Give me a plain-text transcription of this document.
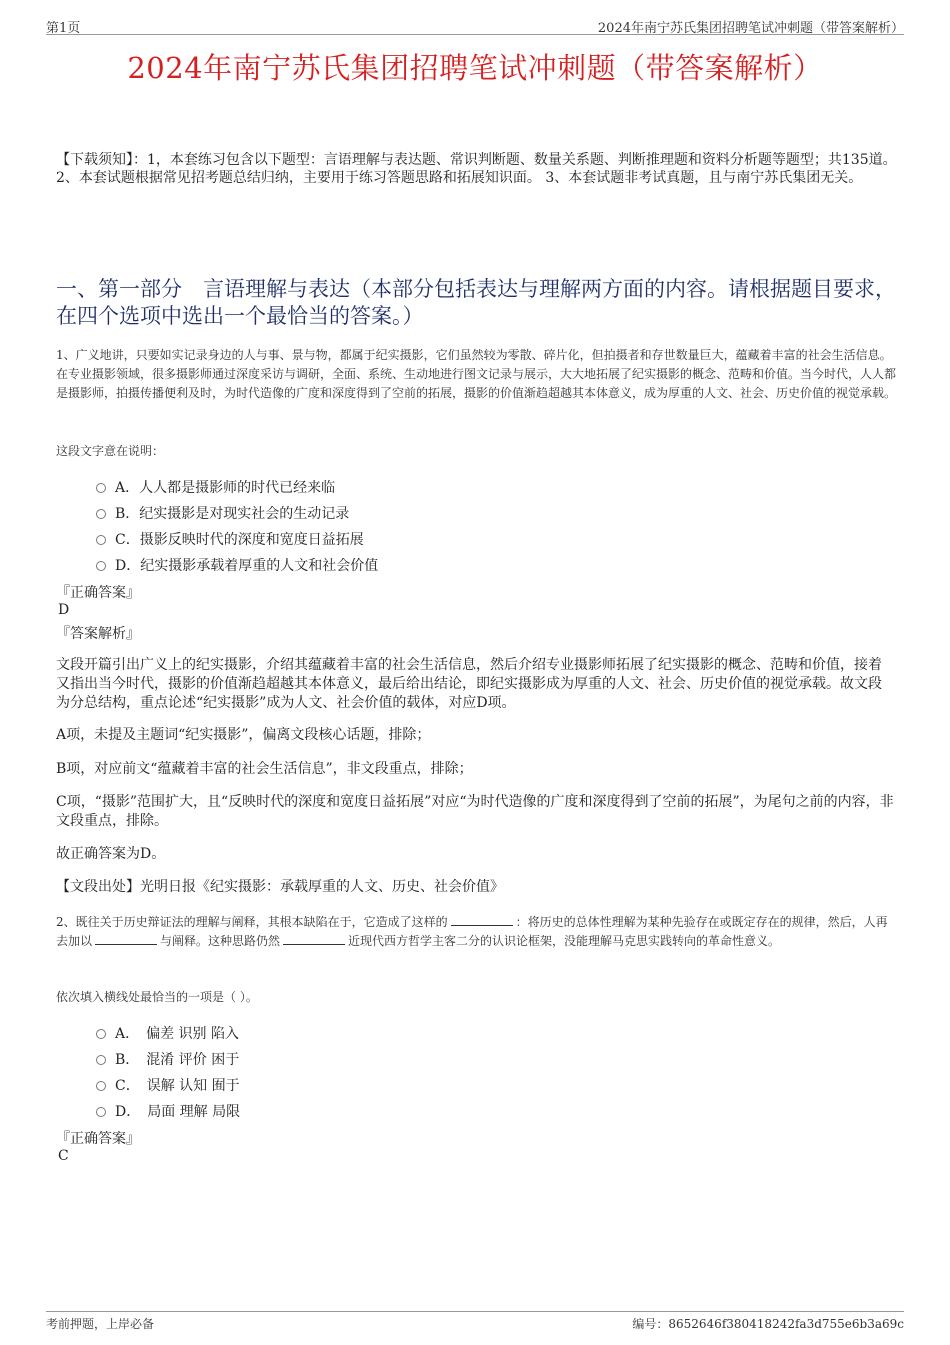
第1页	2024年南宁苏氏集团招聘笔试冲刺题（带答案解析）
2024年南宁苏氏集团招聘笔试冲刺题（带答案解析）
【下载须知】：1，本套练习包含以下题型：言语理解与表达题、常识判断题、数量关系题、判断推理题和资料分析题等题型；共135道。 2、本套试题根据常见招考题总结归纳，主要用于练习答题思路和拓展知识面。 3、本套试题非考试真题，且与南宁苏氏集团无关。
一、第一部分　言语理解与表达（本部分包括表达与理解两方面的内容。请根据题目要求，在四个选项中选出一个最恰当的答案。）
1、广义地讲，只要如实记录身边的人与事、景与物，都属于纪实摄影，它们虽然较为零散、碎片化，但拍摄者和存世数量巨大，蕴藏着丰富的社会生活信息。在专业摄影领域，很多摄影师通过深度采访与调研，全面、系统、生动地进行图文记录与展示，大大地拓展了纪实摄影的概念、范畴和价值。当今时代，人人都是摄影师，拍摄传播便利及时，为时代造像的广度和深度得到了空前的拓展，摄影的价值渐趋超越其本体意义，成为厚重的人文、社会、历史价值的视觉承载。
这段文字意在说明：
A．人人都是摄影师的时代已经来临
B．纪实摄影是对现实社会的生动记录
C．摄影反映时代的深度和宽度日益拓展
D．纪实摄影承载着厚重的人文和社会价值
『正确答案』
D
『答案解析』
文段开篇引出广义上的纪实摄影，介绍其蕴藏着丰富的社会生活信息，然后介绍专业摄影师拓展了纪实摄影的概念、范畴和价值，接着又指出当今时代，摄影的价值渐趋超越其本体意义，最后给出结论，即纪实摄影成为厚重的人文、社会、历史价值的视觉承载。故文段为分总结构，重点论述“纪实摄影”成为人文、社会价值的载体，对应D项。
A项，未提及主题词“纪实摄影”，偏离文段核心话题，排除；
B项，对应前文“蕴藏着丰富的社会生活信息”，非文段重点，排除；
C项，“摄影”范围扩大，且“反映时代的深度和宽度日益拓展”对应“为时代造像的广度和深度得到了空前的拓展”，为尾句之前的内容，非文段重点，排除。
故正确答案为D。
【文段出处】光明日报《纪实摄影：承载厚重的人文、历史、社会价值》
2、既往关于历史辩证法的理解与阐释，其根本缺陷在于，它造成了这样的	：将历史的总体性理解为某种先验存在或既定存在的规律，然后，人再去加以	与阐释。这种思路仍然	近现代西方哲学主客二分的认识论框架，没能理解马克思实践转向的革命性意义。
依次填入横线处最恰当的一项是（ ）。
A．　偏差 识别 陷入
B．　混淆 评价 困于
C．　误解 认知 囿于
D．　局面 理解 局限
『正确答案』
C
考前押题，上岸必备	编号：8652646f380418242fa3d755e6b3a69c
